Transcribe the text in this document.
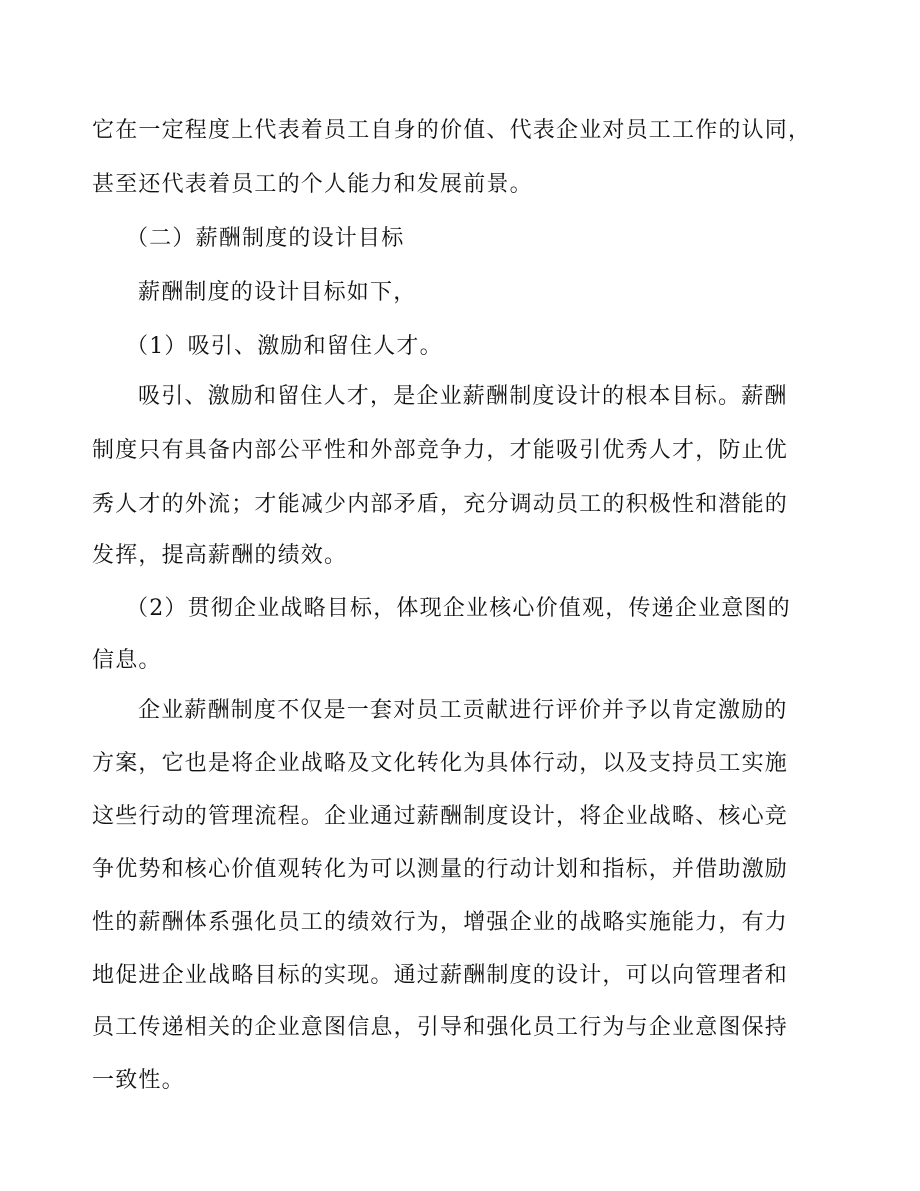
它在一定程度上代表着员工自身的价值、代表企业对员工工作的认同，
甚至还代表着员工的个人能力和发展前景。
（二）薪酬制度的设计目标
薪酬制度的设计目标如下，
（1）吸引、激励和留住人才。
吸引、激励和留住人才，是企业薪酬制度设计的根本目标。薪酬
制度只有具备内部公平性和外部竞争力，才能吸引优秀人才，防止优
秀人才的外流；才能减少内部矛盾，充分调动员工的积极性和潜能的
发挥，提高薪酬的绩效。
（2）贯彻企业战略目标，体现企业核心价值观，传递企业意图的
信息。
企业薪酬制度不仅是一套对员工贡献进行评价并予以肯定激励的
方案，它也是将企业战略及文化转化为具体行动，以及支持员工实施
这些行动的管理流程。企业通过薪酬制度设计，将企业战略、核心竞
争优势和核心价值观转化为可以测量的行动计划和指标，并借助激励
性的薪酬体系强化员工的绩效行为，增强企业的战略实施能力，有力
地促进企业战略目标的实现。通过薪酬制度的设计，可以向管理者和
员工传递相关的企业意图信息，引导和强化员工行为与企业意图保持
一致性。
